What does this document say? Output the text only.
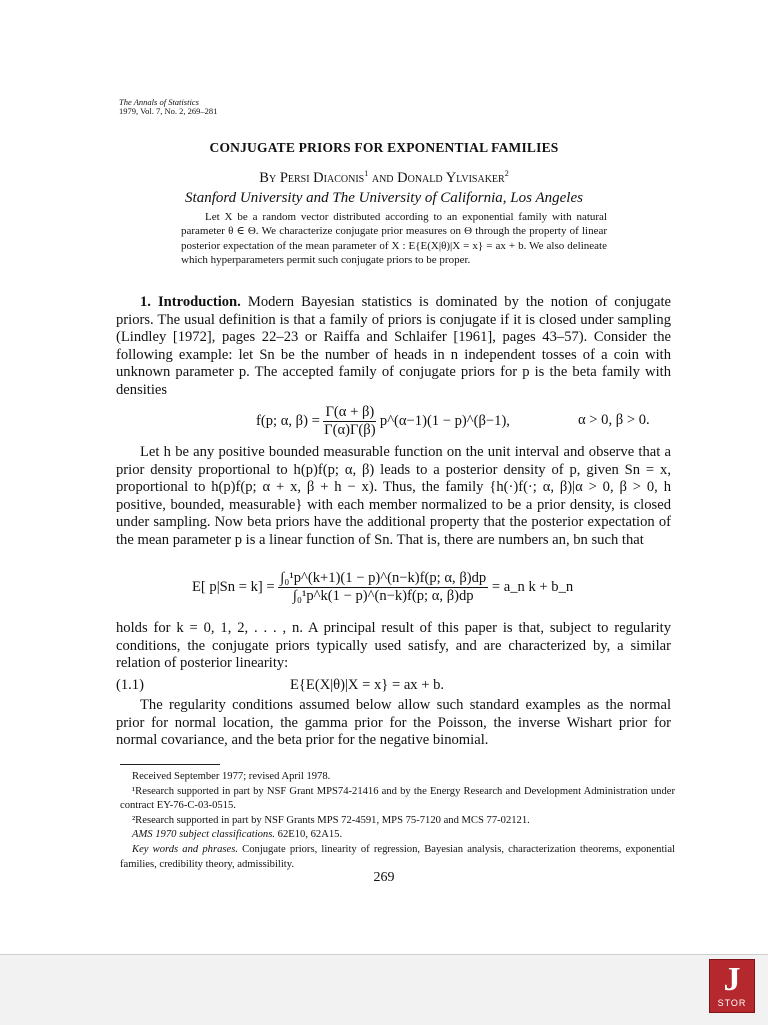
The Annals of Statistics
1979, Vol. 7, No. 2, 269–281
CONJUGATE PRIORS FOR EXPONENTIAL FAMILIES
By Persi Diaconis$^1$ and Donald Ylvisaker$^2$
Stanford University and The University of California, Los Angeles

Let X be a random vector distributed according to an exponential family with natural parameter θ ∈ Θ. We characterize conjugate prior measures on Θ through the property of linear posterior expectation of the mean parameter of X : E{E(X|θ)|X = x} = ax + b. We also delineate which hyperparameters permit such conjugate priors to be proper.

1. Introduction. Modern Bayesian statistics is dominated by the notion of conjugate priors. The usual definition is that a family of priors is conjugate if it is closed under sampling (Lindley [1972], pages 22–23 or Raiffa and Schlaifer [1961], pages 43–57). Consider the following example: let Sn be the number of heads in n independent tosses of a coin with unknown parameter p. The accepted family of conjugate priors for p is the beta family with densities

f(p; α, $\beta) = \frac{\Gamma(\alpha + \beta)}{\Gamma(\alpha)\Gamma(\beta)}$ p^(α−1)(1 − p)^(β−1),	α > 0, β > 0.

Let h be any positive bounded measurable function on the unit interval and observe that a prior density proportional to h(p)f(p; α, β) leads to a posterior density of p, given Sn = x, proportional to h(p)f(p; α + x, β + h − x). Thus, the family {h(·)f(·; α, β)|α > 0, β > 0, h positive, bounded, measurable} with each member normalized to be a prior density, is closed under sampling. Now beta priors have the additional property that the posterior expectation of the mean parameter p is a linear function of Sn. That is, there are numbers an, bn such that

E[ $p|Sn = k] = \frac{\text{∫₀¹p\textasciicircum{}(k+1)(1 − p)\textasciicircum{}(n−k)f(p; α, β)dp}}{\text{∫₀¹p\textasciicircum{}k(1 − p)\textasciicircum{}(n−k)f(p; α, β)dp}}$ = a_n k + b_n

holds for k = 0, 1, 2, . . . , n. A principal result of this paper is that, subject to regularity conditions, the conjugate priors typically used satisfy, and are characterized by, a similar relation of posterior linearity:

(1.1)	E{E(X|θ)|X = x} = ax + b.

The regularity conditions assumed below allow such standard examples as the normal prior for normal location, the gamma prior for the Poisson, the inverse Wishart prior for normal covariance, and the beta prior for the negative binomial.

Received September 1977; revised April 1978.

¹Research supported in part by NSF Grant MPS74-21416 and by the Energy Research and Development Administration under contract EY-76-C-03-0515.

²Research supported in part by NSF Grants MPS 72-4591, MPS 75-7120 and MCS 77-02121.

AMS 1970 subject classifications. 62E10, 62A15.

Key words and phrases. Conjugate priors, linearity of regression, Bayesian analysis, characterization theorems, exponential families, credibility theory, admissibility.

269
J
STOR
